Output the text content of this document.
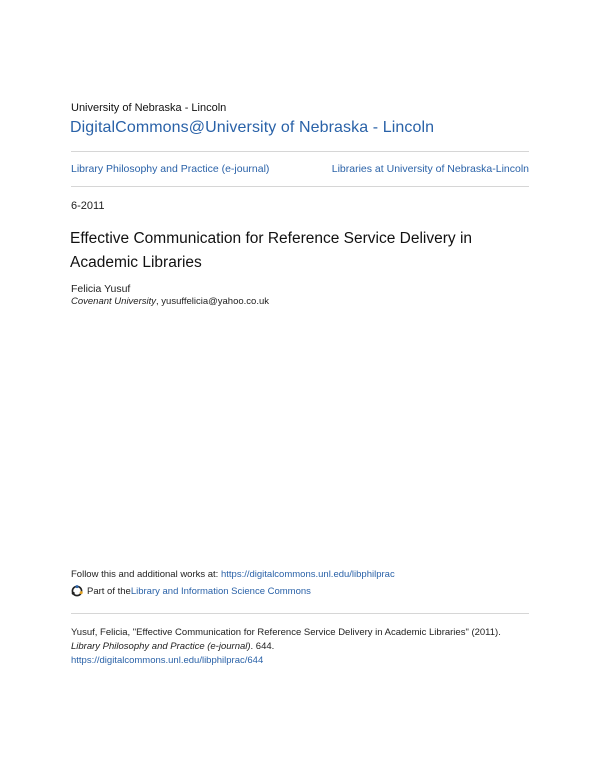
University of Nebraska - Lincoln
DigitalCommons@University of Nebraska - Lincoln
Library Philosophy and Practice (e-journal)	Libraries at University of Nebraska-Lincoln
6-2011
Effective Communication for Reference Service Delivery in Academic Libraries
Felicia Yusuf
Covenant University, yusuffelicia@yahoo.co.uk
Follow this and additional works at: https://digitalcommons.unl.edu/libphilprac
Part of the Library and Information Science Commons
Yusuf, Felicia, "Effective Communication for Reference Service Delivery in Academic Libraries" (2011).
Library Philosophy and Practice (e-journal). 644.
https://digitalcommons.unl.edu/libphilprac/644
